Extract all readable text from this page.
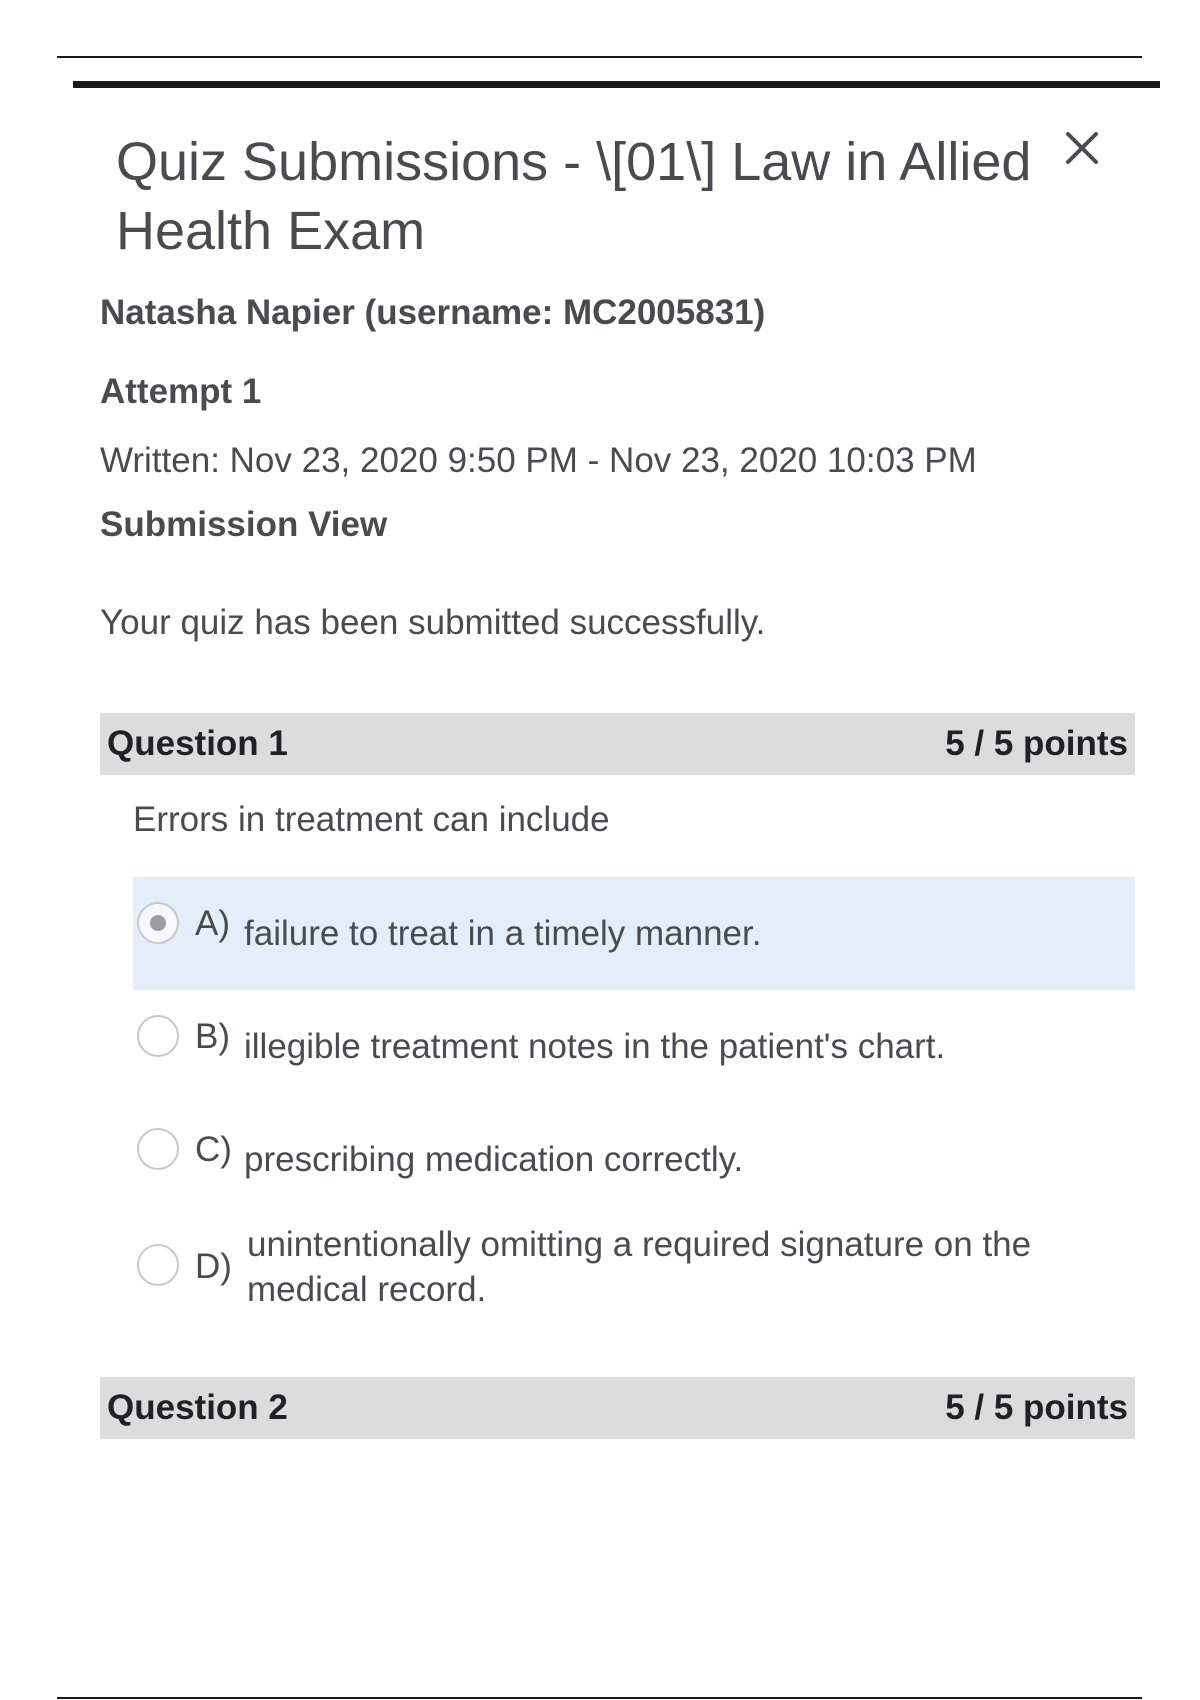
Quiz Submissions - \[01\] Law in Allied Health Exam
Natasha Napier (username: MC2005831)
Attempt 1
Written: Nov 23, 2020 9:50 PM - Nov 23, 2020 10:03 PM
Submission View
Your quiz has been submitted successfully.
Question 1	5 / 5 points
Errors in treatment can include
A) failure to treat in a timely manner.
B) illegible treatment notes in the patient's chart.
C) prescribing medication correctly.
D)
unintentionally omitting a required signature on the medical record.
Question 2	5 / 5 points
